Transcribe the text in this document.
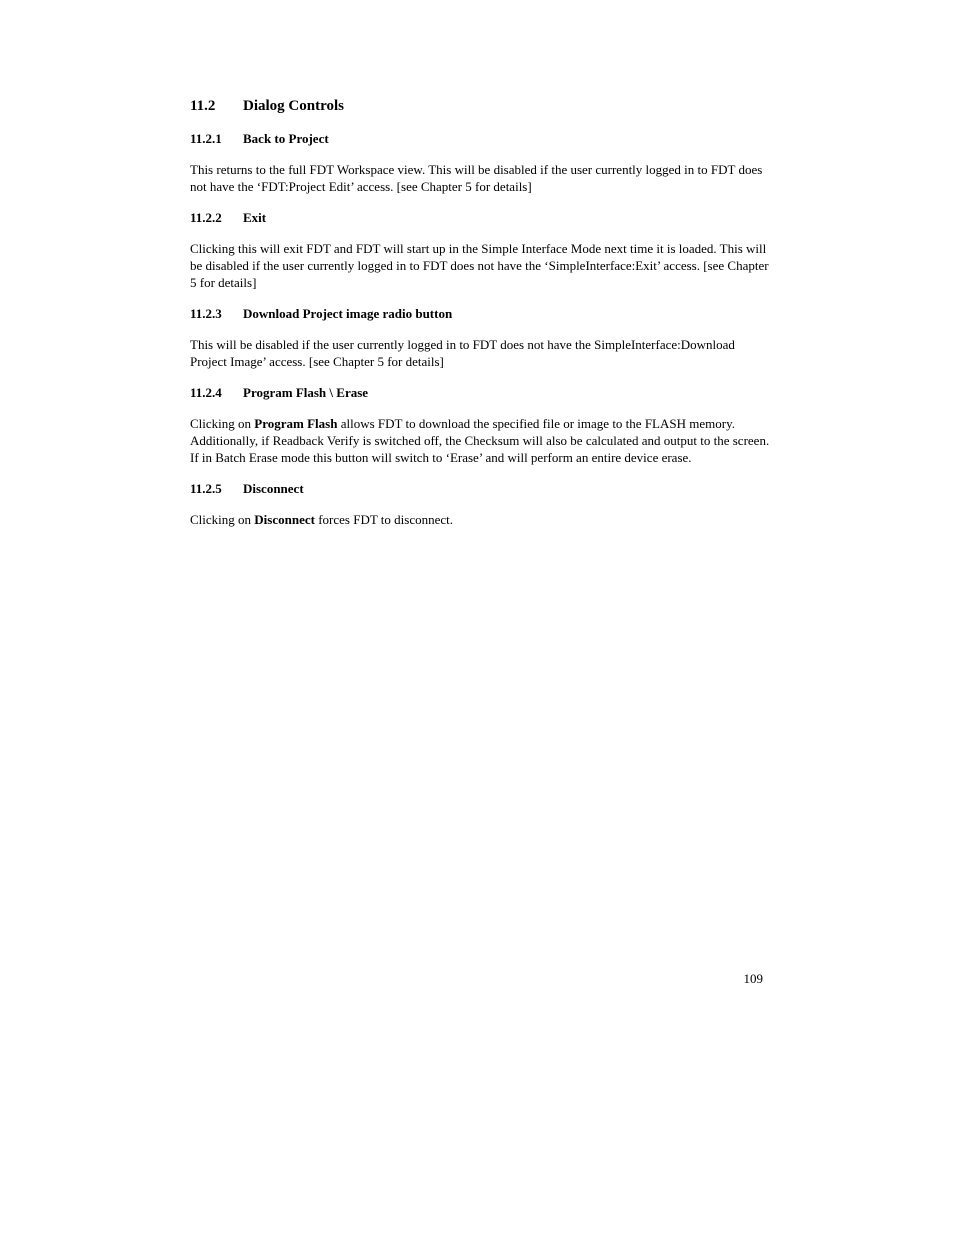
11.2 Dialog Controls
11.2.1 Back to Project
This returns to the full FDT Workspace view. This will be disabled if the user currently logged in to FDT does not have the ‘FDT:Project Edit’ access. [see Chapter 5 for details]
11.2.2 Exit
Clicking this will exit FDT and FDT will start up in the Simple Interface Mode next time it is loaded. This will be disabled if the user currently logged in to FDT does not have the ‘SimpleInterface:Exit’ access. [see Chapter 5 for details]
11.2.3 Download Project image radio button
This will be disabled if the user currently logged in to FDT does not have the SimpleInterface:Download Project Image’ access. [see Chapter 5 for details]
11.2.4 Program Flash \ Erase
Clicking on Program Flash allows FDT to download the specified file or image to the FLASH memory. Additionally, if Readback Verify is switched off, the Checksum will also be calculated and output to the screen. If in Batch Erase mode this button will switch to ‘Erase’ and will perform an entire device erase.
11.2.5 Disconnect
Clicking on Disconnect forces FDT to disconnect.
109
